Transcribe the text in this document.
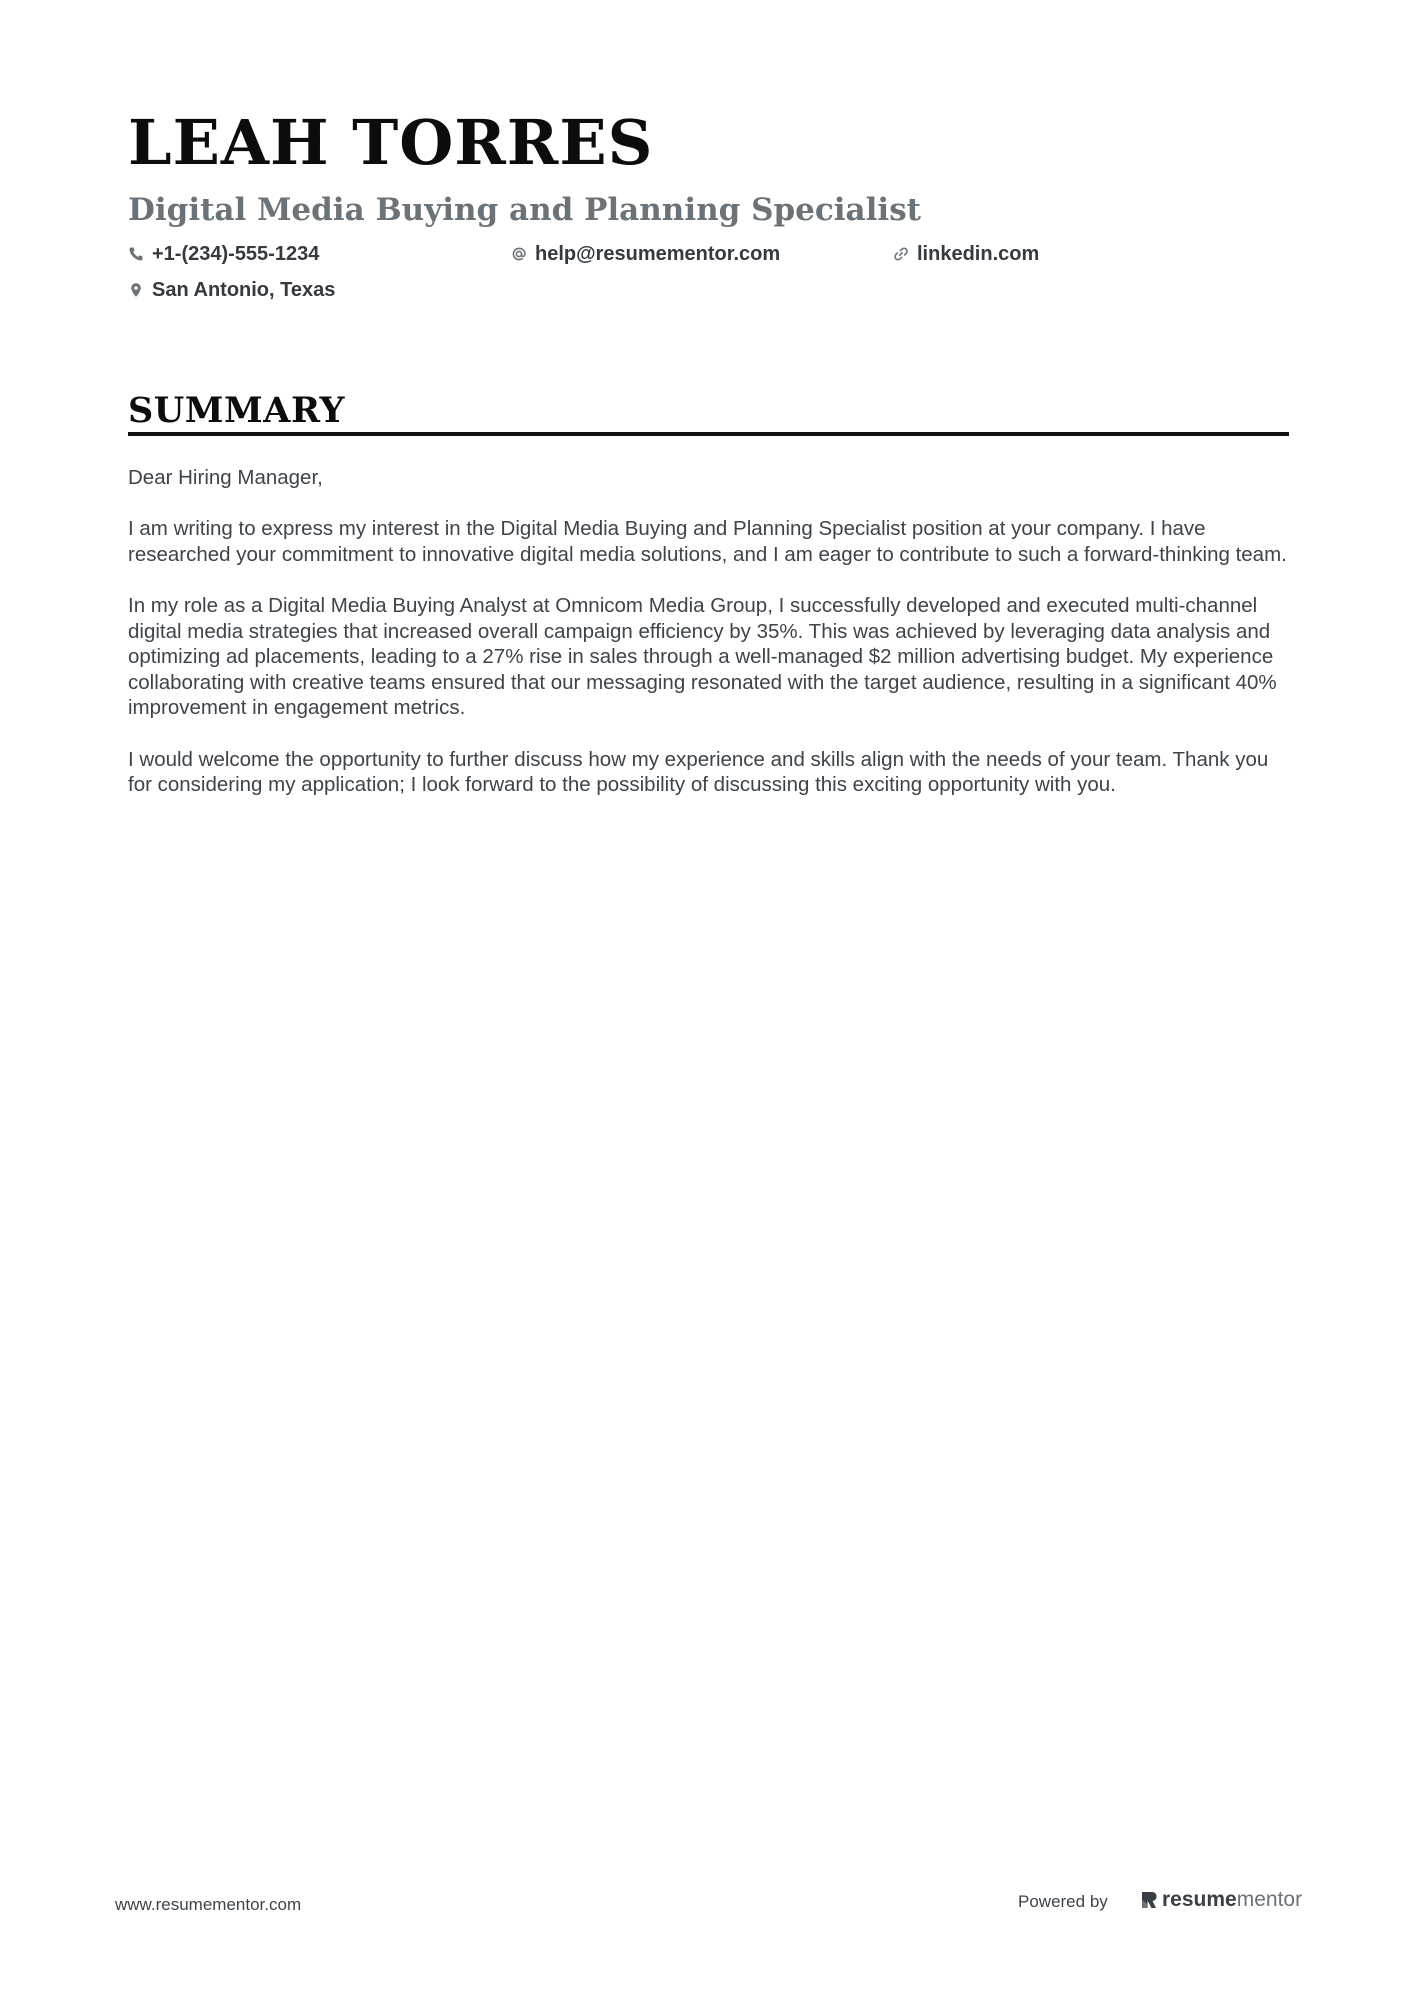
LEAH TORRES
Digital Media Buying and Planning Specialist
+1-(234)-555-1234	help@resumementor.com	linkedin.com
San Antonio, Texas
SUMMARY

Dear Hiring Manager,

I am writing to express my interest in the Digital Media Buying and Planning Specialist position at your company. I have researched your commitment to innovative digital media solutions, and I am eager to contribute to such a forward-thinking team.

In my role as a Digital Media Buying Analyst at Omnicom Media Group, I successfully developed and executed multi-channel digital media strategies that increased overall campaign efficiency by 35%. This was achieved by leveraging data analysis and optimizing ad placements, leading to a 27% rise in sales through a well-managed $2 million advertising budget. My experience collaborating with creative teams ensured that our messaging resonated with the target audience, resulting in a significant 40% improvement in engagement metrics.

I would welcome the opportunity to further discuss how my experience and skills align with the needs of your team. Thank you for considering my application; I look forward to the possibility of discussing this exciting opportunity with you.

www.resumementor.com	Powered by	resume mentor
